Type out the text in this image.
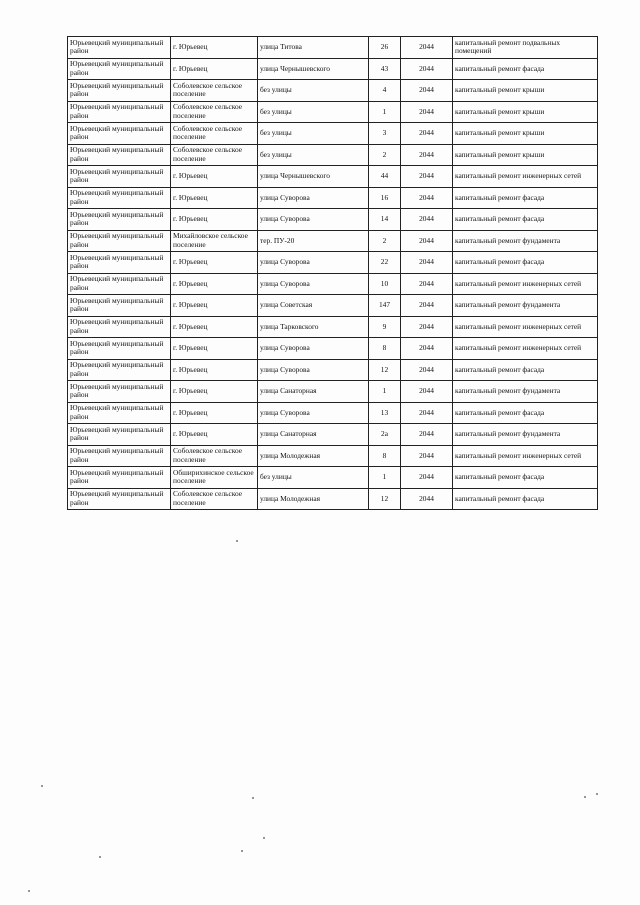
Юрьевецкий муниципальный район	г. Юрьевец	улица Титова	26	2044	капитальный ремонт подвальных помещений
Юрьевецкий муниципальный район	г. Юрьевец	улица Чернышевского	43	2044	капитальный ремонт фасада
Юрьевецкий муниципальный район	Соболевское сельское поселение	без улицы	4	2044	капитальный ремонт крыши
Юрьевецкий муниципальный район	Соболевское сельское поселение	без улицы	1	2044	капитальный ремонт крыши
Юрьевецкий муниципальный район	Соболевское сельское поселение	без улицы	3	2044	капитальный ремонт крыши
Юрьевецкий муниципальный район	Соболевское сельское поселение	без улицы	2	2044	капитальный ремонт крыши
Юрьевецкий муниципальный район	г. Юрьевец	улица Чернышевского	44	2044	капитальный ремонт инженерных сетей
Юрьевецкий муниципальный район	г. Юрьевец	улица Суворова	16	2044	капитальный ремонт фасада
Юрьевецкий муниципальный район	г. Юрьевец	улица Суворова	14	2044	капитальный ремонт фасада
Юрьевецкий муниципальный район	Михайловское сельское поселение	тер. ПУ-20	2	2044	капитальный ремонт фундамента
Юрьевецкий муниципальный район	г. Юрьевец	улица Суворова	22	2044	капитальный ремонт фасада
Юрьевецкий муниципальный район	г. Юрьевец	улица Суворова	10	2044	капитальный ремонт инженерных сетей
Юрьевецкий муниципальный район	г. Юрьевец	улица Советская	147	2044	капитальный ремонт фундамента
Юрьевецкий муниципальный район	г. Юрьевец	улица Тарковского	9	2044	капитальный ремонт инженерных сетей
Юрьевецкий муниципальный район	г. Юрьевец	улица Суворова	8	2044	капитальный ремонт инженерных сетей
Юрьевецкий муниципальный район	г. Юрьевец	улица Суворова	12	2044	капитальный ремонт фасада
Юрьевецкий муниципальный район	г. Юрьевец	улица Санаторная	1	2044	капитальный ремонт фундамента
Юрьевецкий муниципальный район	г. Юрьевец	улица Суворова	13	2044	капитальный ремонт фасада
Юрьевецкий муниципальный район	г. Юрьевец	улица Санаторная	2а	2044	капитальный ремонт фундамента
Юрьевецкий муниципальный район	Соболевское сельское поселение	улица Молодежная	8	2044	капитальный ремонт инженерных сетей
Юрьевецкий муниципальный район	Обширихинское сельское поселение	без улицы	1	2044	капитальный ремонт фасада
Юрьевецкий муниципальный район	Соболевское сельское поселение	улица Молодежная	12	2044	капитальный ремонт фасада
